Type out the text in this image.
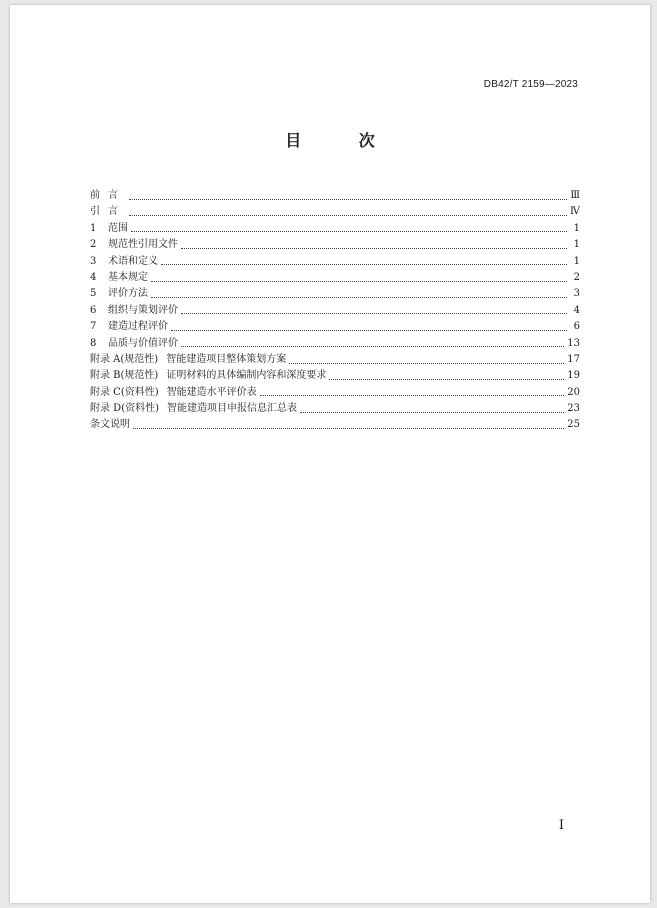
DB42/T 2159—2023
目 次
前言	Ⅲ
引言	Ⅳ
1	范围	1
2	规范性引用文件	1
3	术语和定义	1
4	基本规定	2
5	评价方法	3
6	组织与策划评价	4
7	建造过程评价	6
8	品质与价值评价	13
附录 A(规范性) 智能建造项目整体策划方案	17
附录 B(规范性) 证明材料的具体编制内容和深度要求	19
附录 C(资料性) 智能建造水平评价表	20
附录 D(资料性) 智能建造项目申报信息汇总表	23
条文说明	25
I
